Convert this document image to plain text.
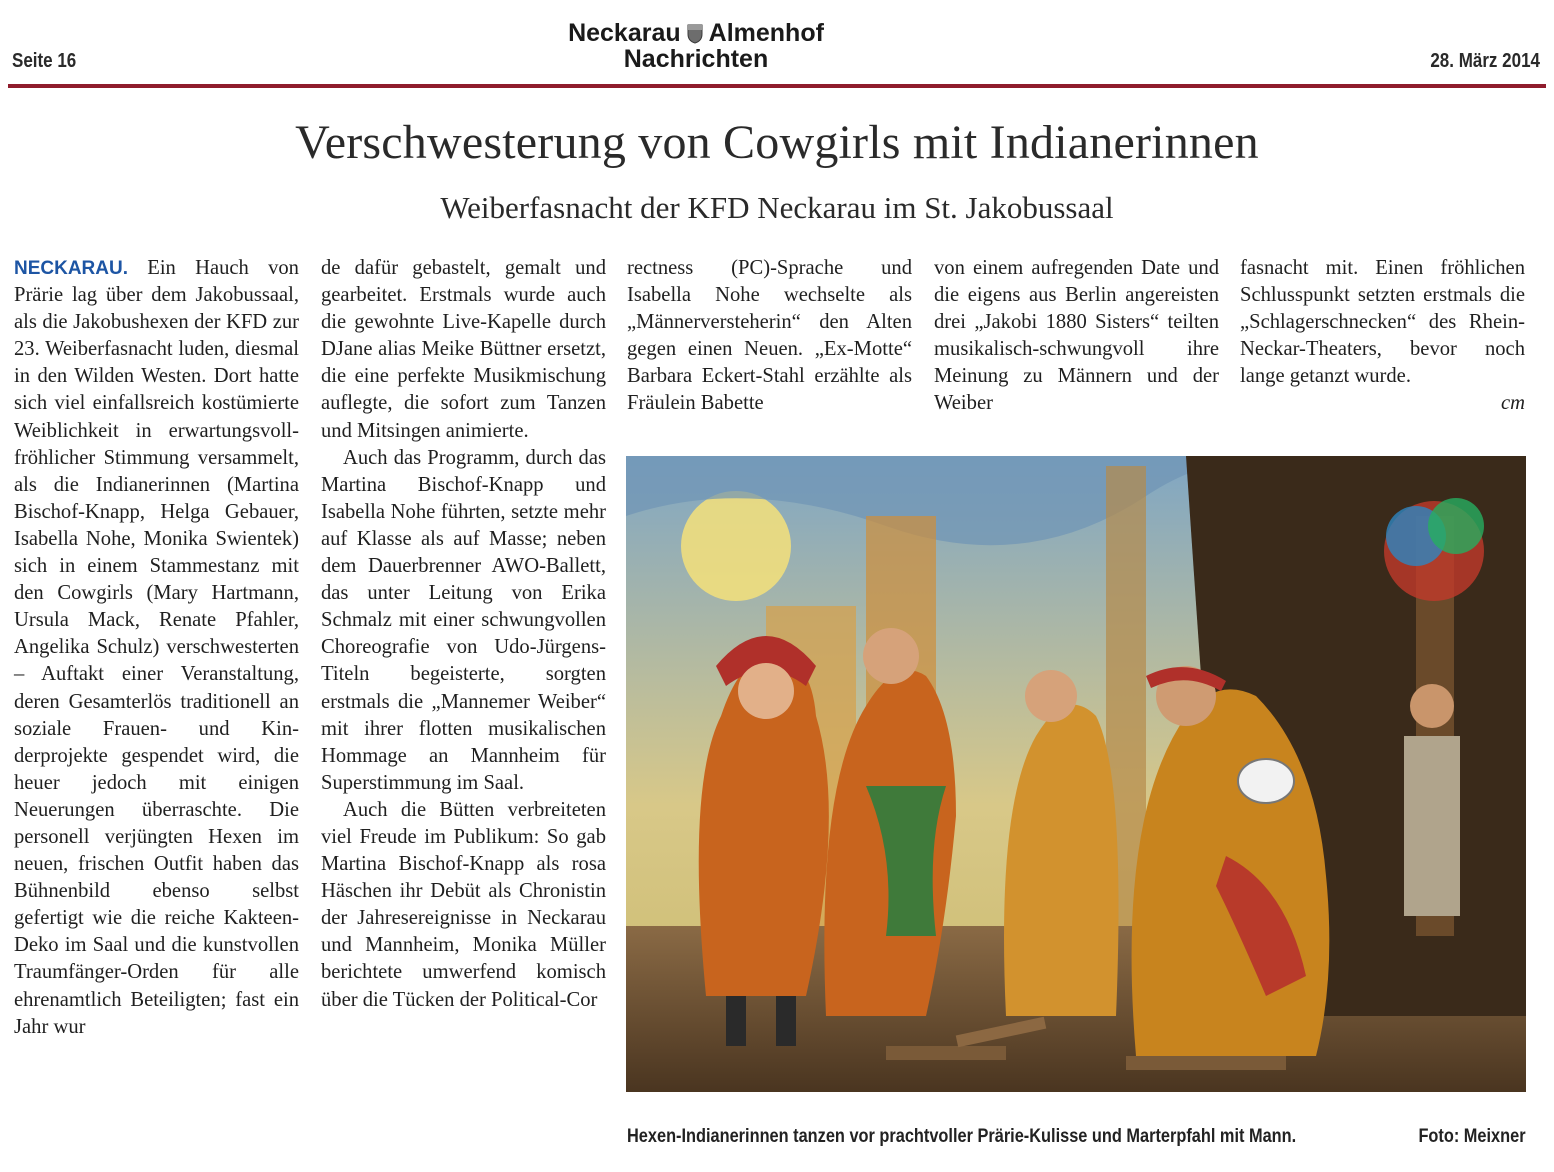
Seite 16
Neckarau Almenhof
Nachrichten	28. März 2014
Verschwesterung von Cowgirls mit Indianerinnen
Weiberfasnacht der KFD Neckarau im St. Jakobussaal

NECKARAU. Ein Hauch von Prärie lag über dem Jakobussaal, als die Jakobushexen der KFD zur 23. Weiberfasnacht luden, diesmal in den Wilden Westen. Dort hatte sich viel einfallsreich kostümierte Weiblichkeit in erwartungsvoll-fröhlicher Stimmung versammelt, als die Indianerinnen (Martina Bischof-Knapp, Helga Gebauer, Isabella Nohe, Monika Swientek) sich in einem Stammestanz mit den Cowgirls (Mary Hartmann, Ursula Mack, Renate Pfahler, Angelika Schulz) verschwesterten – Auftakt einer Veranstaltung, deren Gesamterlös traditionell an soziale Frauen- und Kinderprojekte gespendet wird, die heuer jedoch mit einigen Neuerungen überraschte. Die personell verjüngten Hexen im neuen, frischen Outfit haben das Bühnenbild ebenso selbst gefertigt wie die reiche Kakteen-Deko im Saal und die kunstvollen Traumfänger-Orden für alle ehrenamtlich Beteiligten; fast ein Jahr wur

de dafür gebastelt, gemalt und gearbeitet. Erstmals wurde auch die gewohnte Live-Kapelle durch DJane alias Meike Büttner ersetzt, die eine perfekte Musikmischung auflegte, die sofort zum Tanzen und Mitsingen animierte.

Auch das Programm, durch das Martina Bischof-Knapp und Isabella Nohe führten, setzte mehr auf Klasse als auf Masse; neben dem Dauerbrenner AWO-Ballett, das unter Leitung von Erika Schmalz mit einer schwungvollen Choreografie von Udo-Jürgens-Titeln begeisterte, sorgten erstmals die „Mannemer Weiber“ mit ihrer flotten musikalischen Hommage an Mannheim für Superstimmung im Saal.

Auch die Bütten verbreiteten viel Freude im Publikum: So gab Martina Bischof-Knapp als rosa Häschen ihr Debüt als Chronistin der Jahresereignisse in Neckarau und Mannheim, Monika Müller berichtete umwerfend komisch über die Tücken der Political-Cor

rectness (PC)-Sprache und Isabella Nohe wechselte als „Männerversteherin“ den Alten gegen einen Neuen. „Ex-Motte“ Barbara Eckert-Stahl erzählte als Fräulein Babette

von einem aufregenden Date und die eigens aus Berlin angereisten drei „Jakobi 1880 Sisters“ teilten musikalisch-schwungvoll ihre Meinung zu Männern und der Weiber

fasnacht mit. Einen fröhlichen Schlusspunkt setzten erstmals die „Schlagerschnecken“ des Rhein-Neckar-Theaters, bevor noch lange getanzt wurde.

cm
Hexen-Indianerinnen tanzen vor prachtvoller Prärie-Kulisse und Marterpfahl mit Mann.	Foto: Meixner
